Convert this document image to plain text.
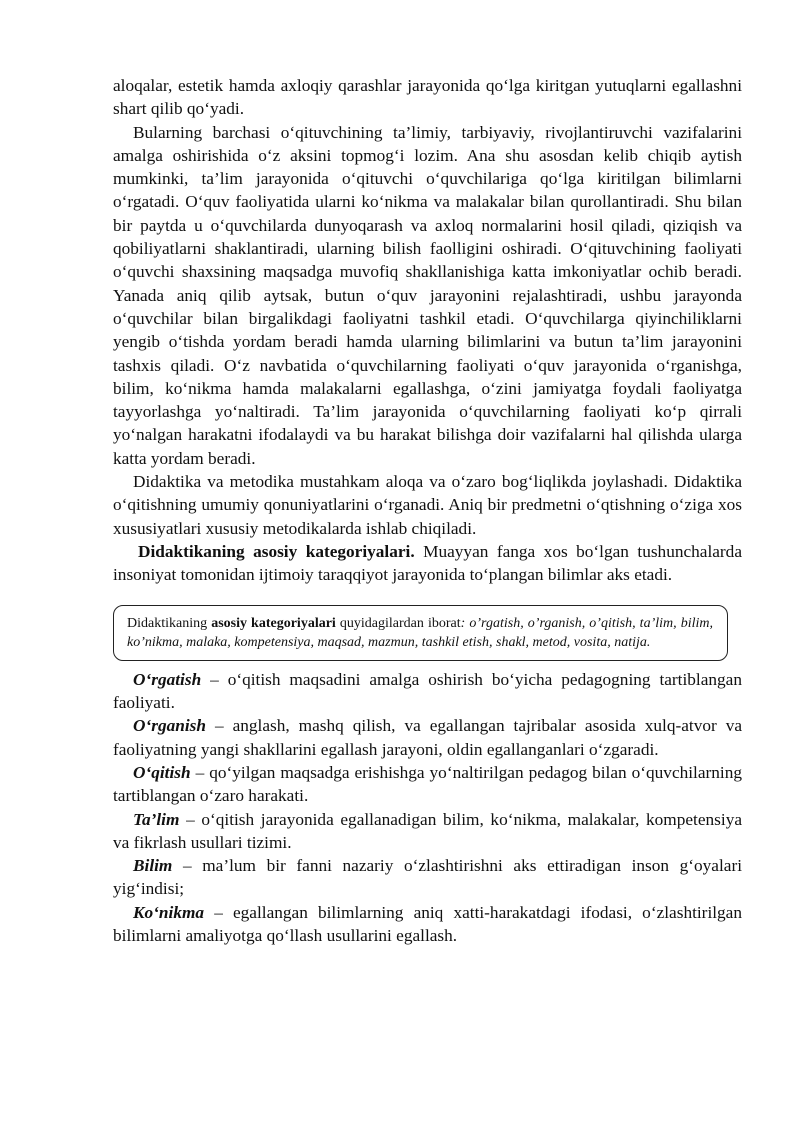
aloqalar, estetik hamda axloqiy qarashlar jarayonida qo‘lga kiritgan yutuqlarni egallashni shart qilib qo‘yadi.

Bularning barchasi o‘qituvchining ta’limiy, tarbiyaviy, rivojlantiruvchi vazifalarini amalga oshirishida o‘z aksini topmog‘i lozim. Ana shu asosdan kelib chiqib aytish mumkinki, ta’lim jarayonida o‘qituvchi o‘quvchilariga qo‘lga kiritilgan bilimlarni o‘rgatadi. O‘quv faoliyatida ularni ko‘nikma va malakalar bilan qurollantiradi. Shu bilan bir paytda u o‘quvchilarda dunyoqarash va axloq normalarini hosil qiladi, qiziqish va qobiliyatlarni shaklantiradi, ularning bilish faolligini oshiradi. O‘qituvchining faoliyati o‘quvchi shaxsining maqsadga muvofiq shakllanishiga katta imkoniyatlar ochib beradi. Yanada aniq qilib aytsak, butun o‘quv jarayonini rejalashtiradi, ushbu jarayonda o‘quvchilar bilan birgalikdagi faoliyatni tashkil etadi. O‘quvchilarga qiyinchiliklarni yengib o‘tishda yordam beradi hamda ularning bilimlarini va butun ta’lim jarayonini tashxis qiladi. O‘z navbatida o‘quvchilarning faoliyati o‘quv jarayonida o‘rganishga, bilim, ko‘nikma hamda malakalarni egallashga, o‘zini jamiyatga foydali faoliyatga tayyorlashga yo‘naltiradi. Ta’lim jarayonida o‘quvchilarning faoliyati ko‘p qirrali yo‘nalgan harakatni ifodalaydi va bu harakat bilishga doir vazifalarni hal qilishda ularga katta yordam beradi.

Didaktika va metodika mustahkam aloqa va o‘zaro bog‘liqlikda joylashadi. Didaktika o‘qitishning umumiy qonuniyatlarini o‘rganadi. Aniq bir predmetni o‘qtishning o‘ziga xos xususiyatlari xususiy metodikalarda ishlab chiqiladi.

Didaktikaning asosiy kategoriyalari. Muayyan fanga xos bo‘lgan tushunchalarda insoniyat tomonidan ijtimoiy taraqqiyot jarayonida to‘plangan bilimlar aks etadi.

Didaktikaning asosiy kategoriyalari quyidagilardan iborat: o’rgatish, o’rganish, o’qitish, ta’lim, bilim, ko’nikma, malaka, kompetensiya, maqsad, mazmun, tashkil etish, shakl, metod, vosita, natija.

O‘rgatish – o‘qitish maqsadini amalga oshirish bo‘yicha pedagogning tartiblangan faoliyati.

O‘rganish – anglash, mashq qilish, va egallangan tajribalar asosida xulq-atvor va faoliyatning yangi shakllarini egallash jarayoni, oldin egallanganlari o‘zgaradi.

O‘qitish – qo‘yilgan maqsadga erishishga yo‘naltirilgan pedagog bilan o‘quvchilarning tartiblangan o‘zaro harakati.

Ta’lim – o‘qitish jarayonida egallanadigan bilim, ko‘nikma, malakalar, kompetensiya va fikrlash usullari tizimi.

Bilim – ma’lum bir fanni nazariy o‘zlashtirishni aks ettiradigan inson g‘oyalari yig‘indisi;

Ko‘nikma – egallangan bilimlarning aniq xatti-harakatdagi ifodasi, o‘zlashtirilgan bilimlarni amaliyotga qo‘llash usullarini egallash.
